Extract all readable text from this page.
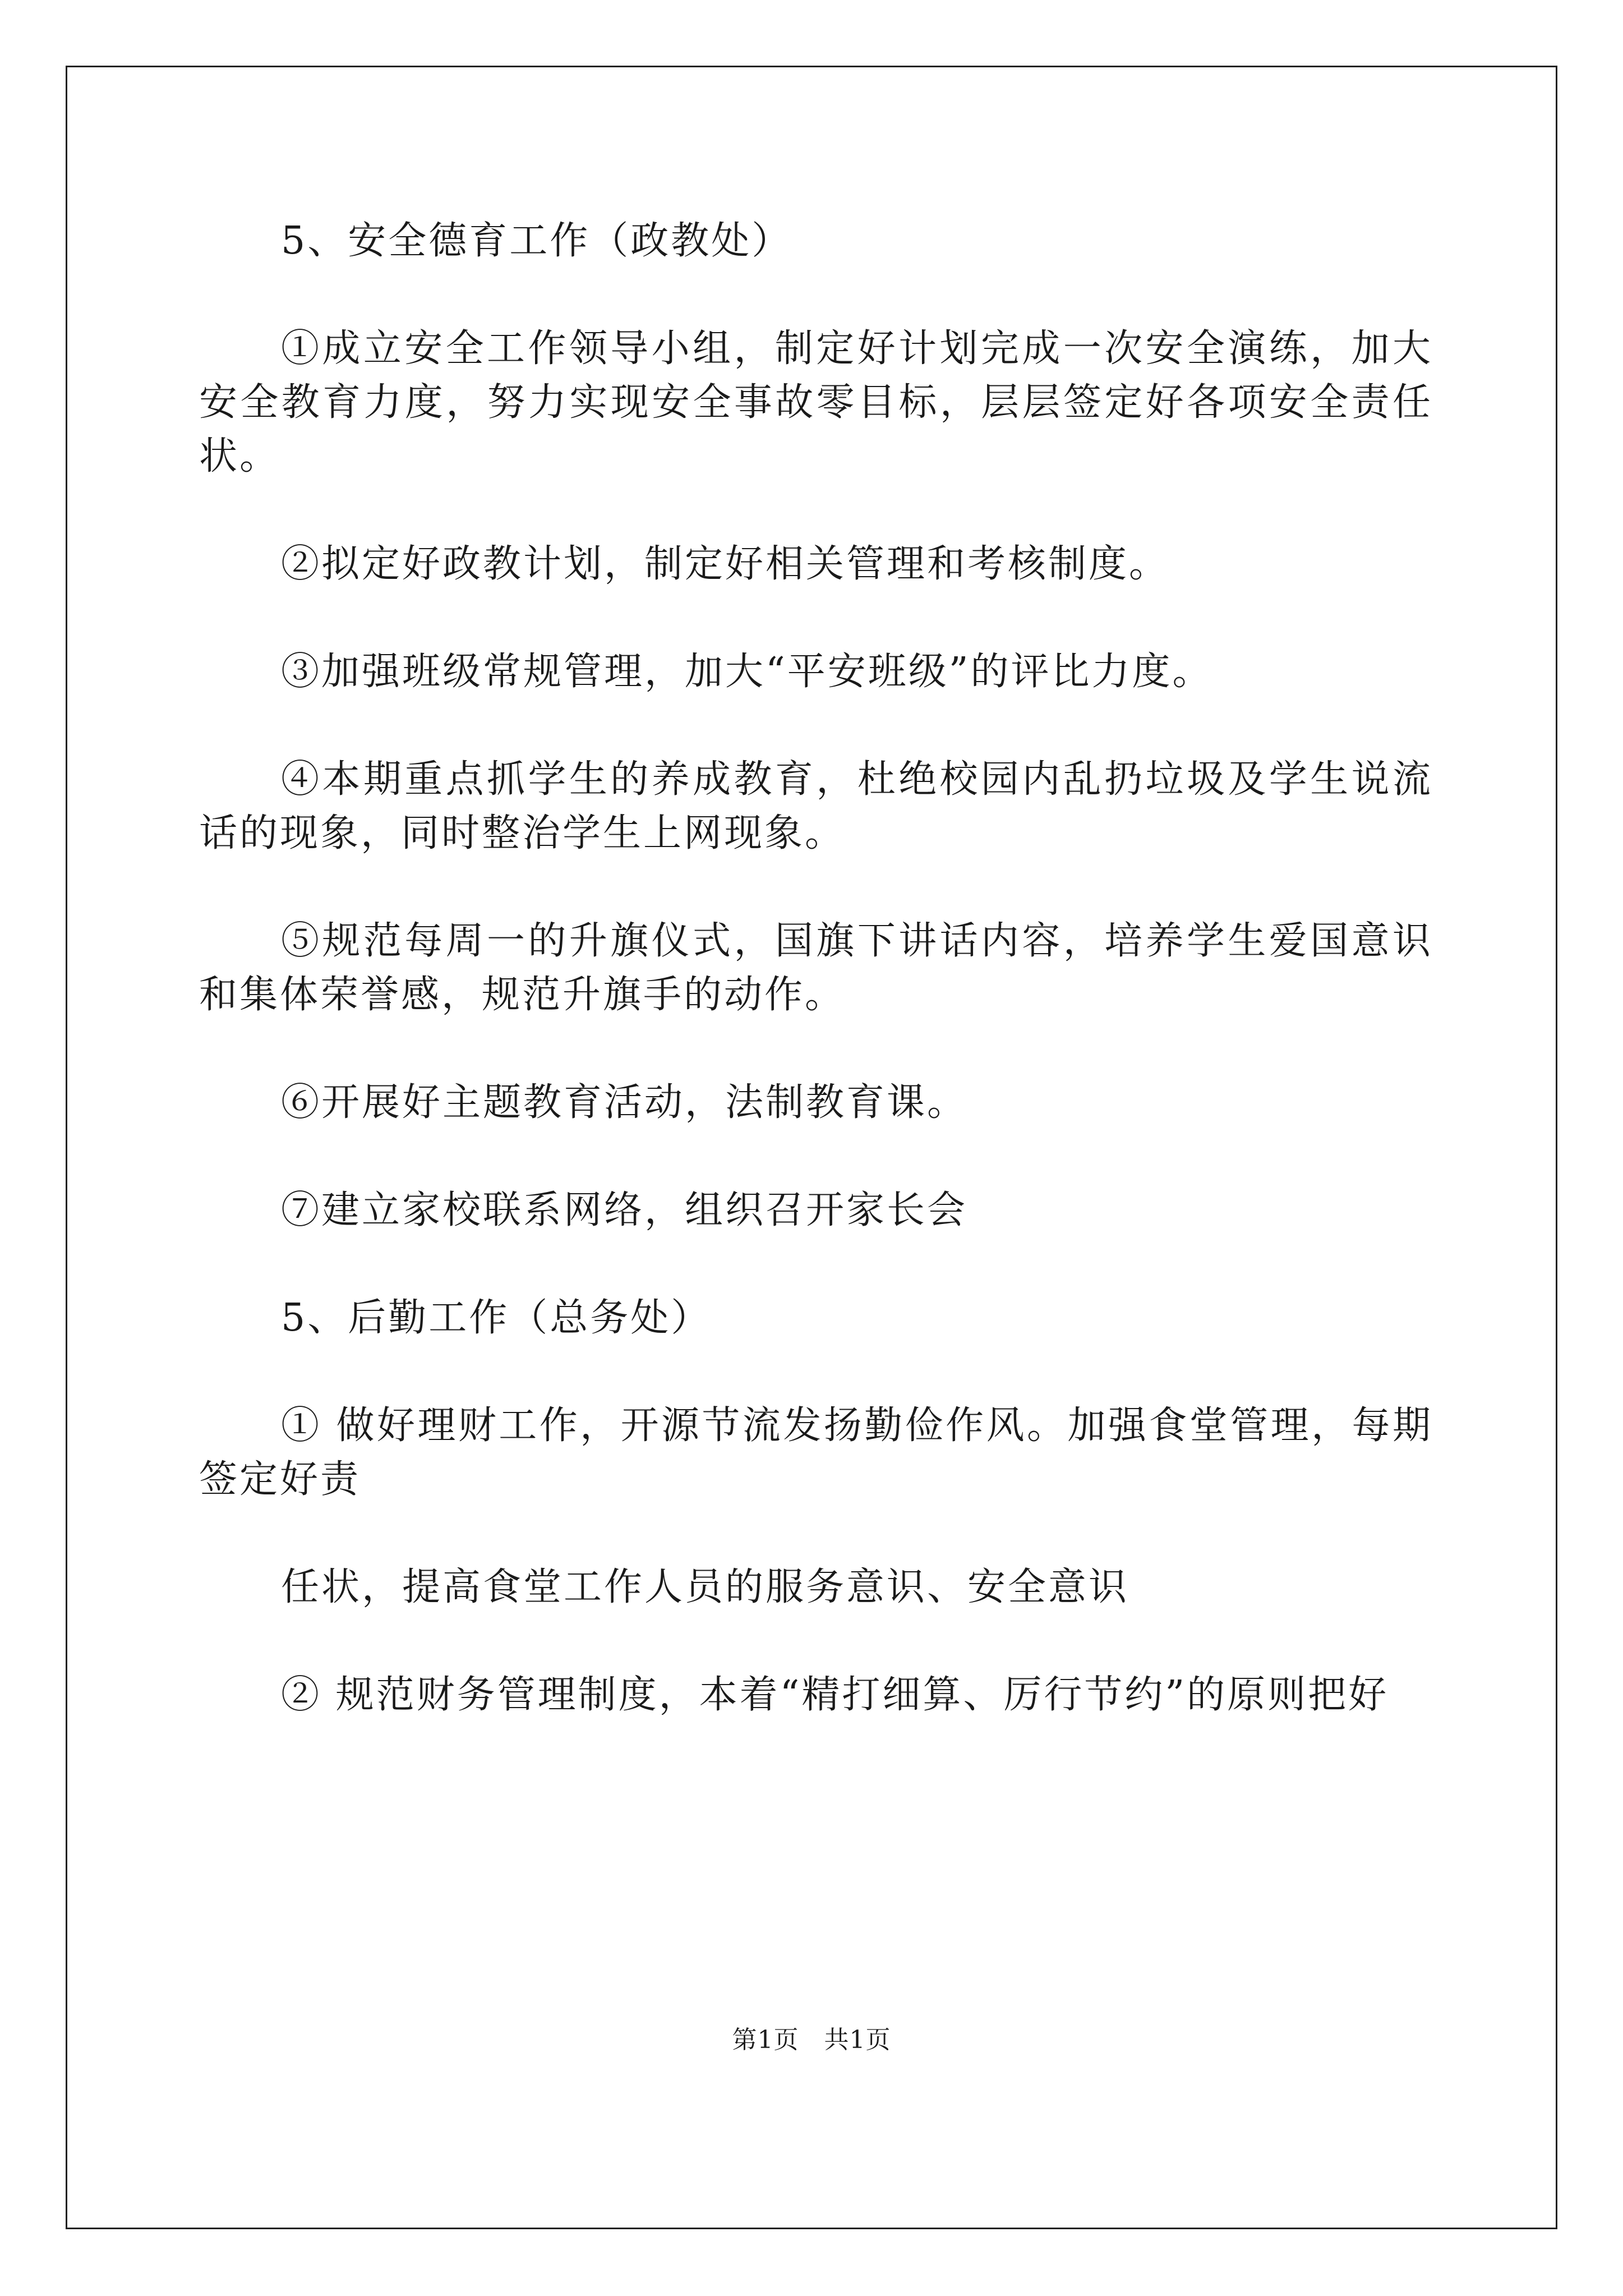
5、安全德育工作（政教处）

①成立安全工作领导小组，制定好计划完成一次安全演练，加大安全教育力度，努力实现安全事故零目标，层层签定好各项安全责任状。

②拟定好政教计划，制定好相关管理和考核制度。

③加强班级常规管理，加大“平安班级”的评比力度。

④本期重点抓学生的养成教育，杜绝校园内乱扔垃圾及学生说流话的现象，同时整治学生上网现象。

⑤规范每周一的升旗仪式，国旗下讲话内容，培养学生爱国意识和集体荣誉感，规范升旗手的动作。

⑥开展好主题教育活动，法制教育课。

⑦建立家校联系网络，组织召开家长会

5、后勤工作（总务处）

① 做好理财工作，开源节流发扬勤俭作风。加强食堂管理，每期签定好责

任状，提高食堂工作人员的服务意识、安全意识

② 规范财务管理制度，本着“精打细算、厉行节约”的原则把好

第1页　共1页
